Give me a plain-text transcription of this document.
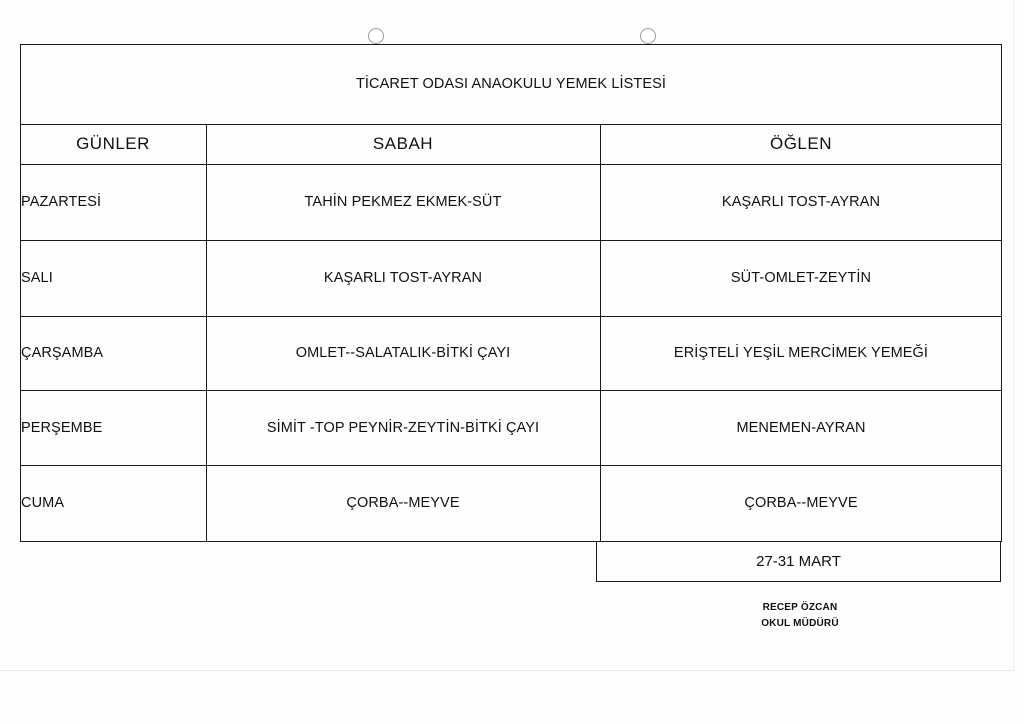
TİCARET ODASI ANAOKULU YEMEK LİSTESİ
GÜNLER	SABAH	ÖĞLEN
PAZARTESİ	TAHİN PEKMEZ EKMEK-SÜT	KAŞARLI TOST-AYRAN
SALI	KAŞARLI TOST-AYRAN	SÜT-OMLET-ZEYTİN
ÇARŞAMBA	OMLET--SALATALIK-BİTKİ ÇAYI	ERİŞTELİ YEŞİL MERCİMEK YEMEĞİ
PERŞEMBE	SİMİT -TOP PEYNİR-ZEYTİN-BİTKİ ÇAYI	MENEMEN-AYRAN
CUMA	ÇORBA--MEYVE	ÇORBA--MEYVE
27-31 MART
RECEP ÖZCAN
OKUL MÜDÜRÜ
